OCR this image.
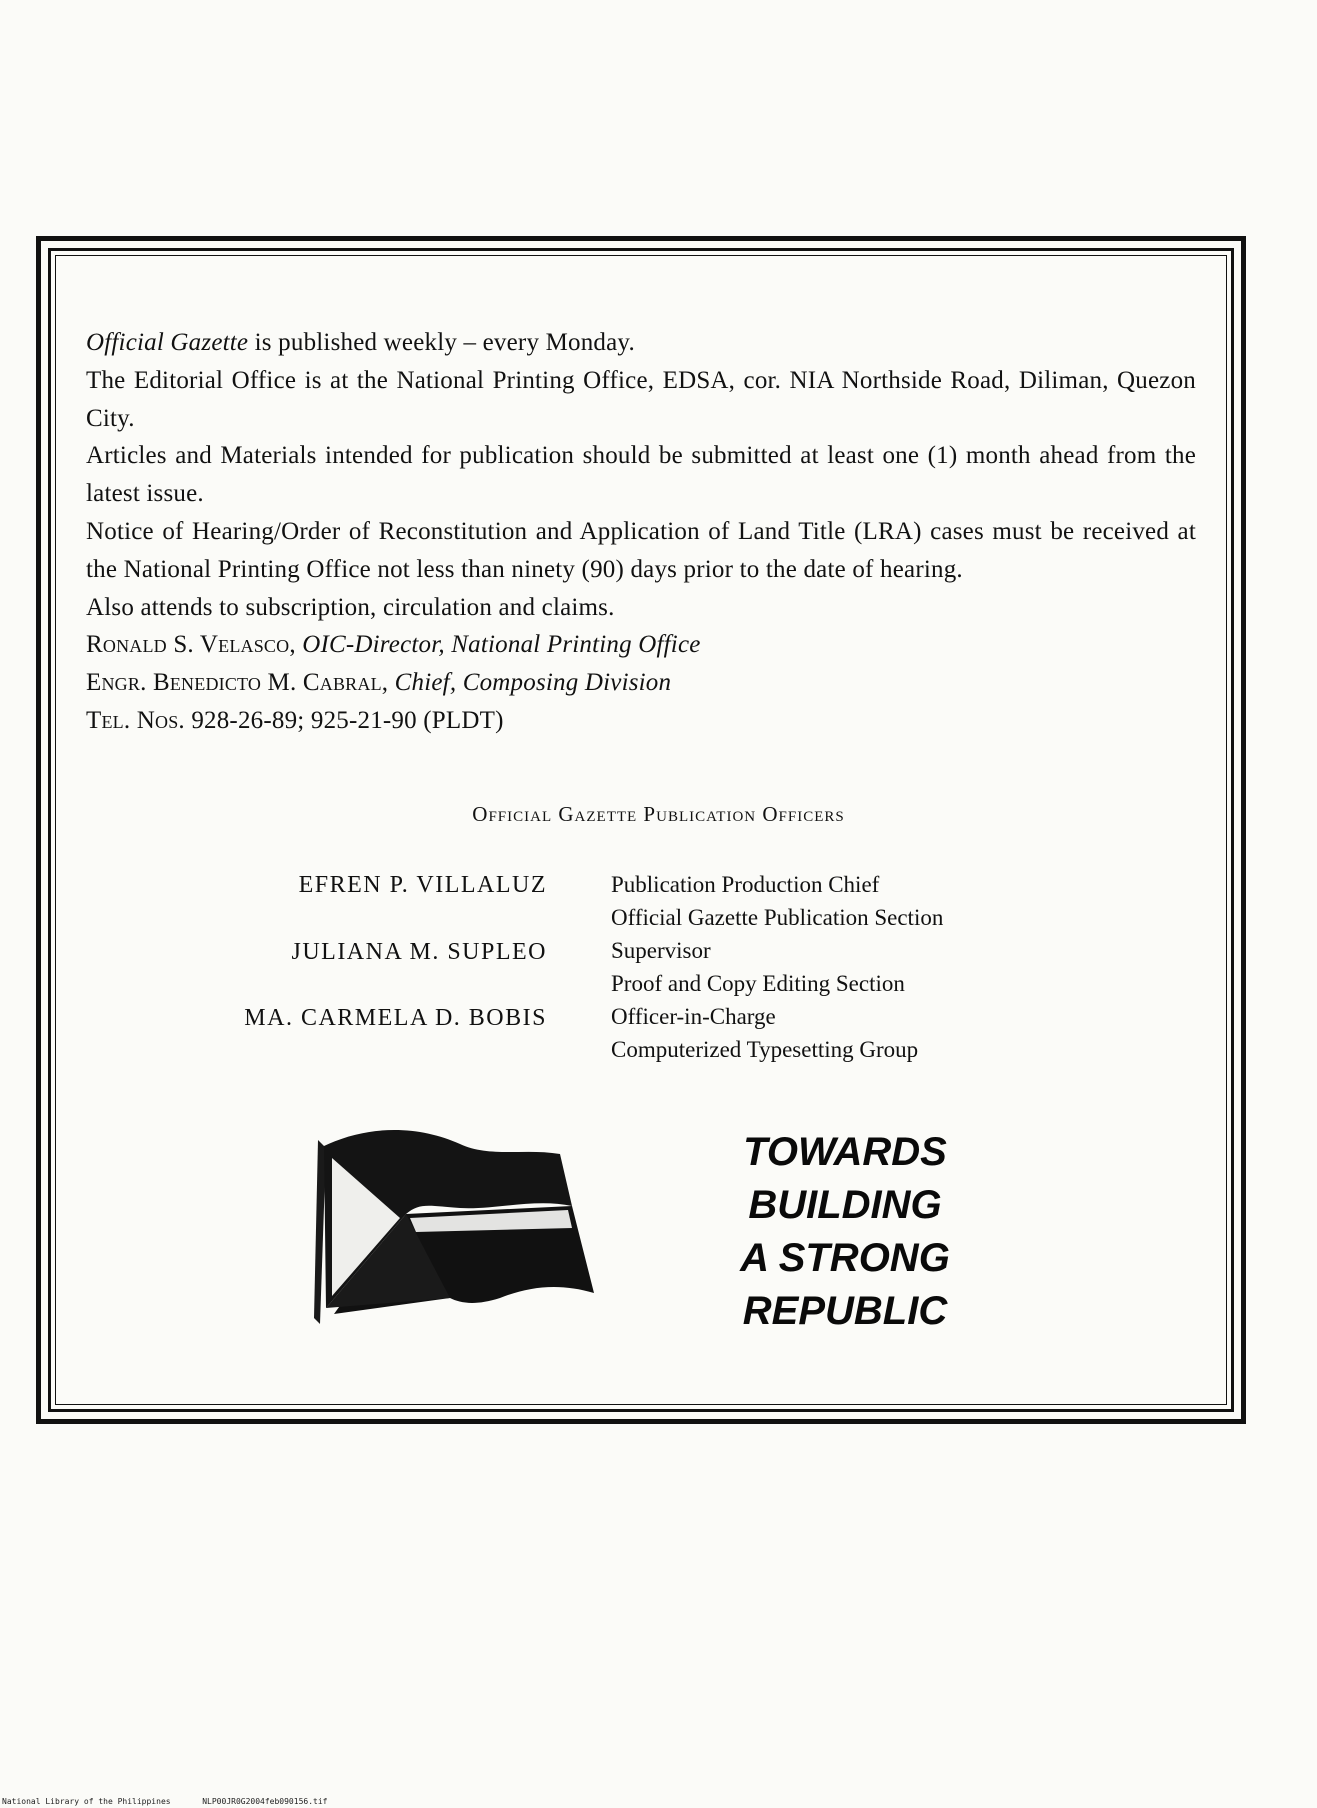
Official Gazette is published weekly – every Monday.

The Editorial Office is at the National Printing Office, EDSA, cor. NIA Northside Road, Diliman, Quezon City.

Articles and Materials intended for publication should be submitted at least one (1) month ahead from the latest issue.

Notice of Hearing/Order of Reconstitution and Application of Land Title (LRA) cases must be received at the National Printing Office not less than ninety (90) days prior to the date of hearing.

Also attends to subscription, circulation and claims.

Ronald S. Velasco, OIC-Director, National Printing Office

Engr. Benedicto M. Cabral, Chief, Composing Division

Tel. Nos. 928-26-89; 925-21-90 (PLDT)

Official Gazette Publication Officers
EFREN P. VILLALUZ	Publication Production Chief
Official Gazette Publication Section
JULIANA M. SUPLEO	Supervisor
Proof and Copy Editing Section
MA. CARMELA D. BOBIS	Officer-in-Charge
Computerized Typesetting Group
TOWARDS
BUILDING
A STRONG
REPUBLIC
National Library of the Philippines	NLP00JR0G2004feb090156.tif
